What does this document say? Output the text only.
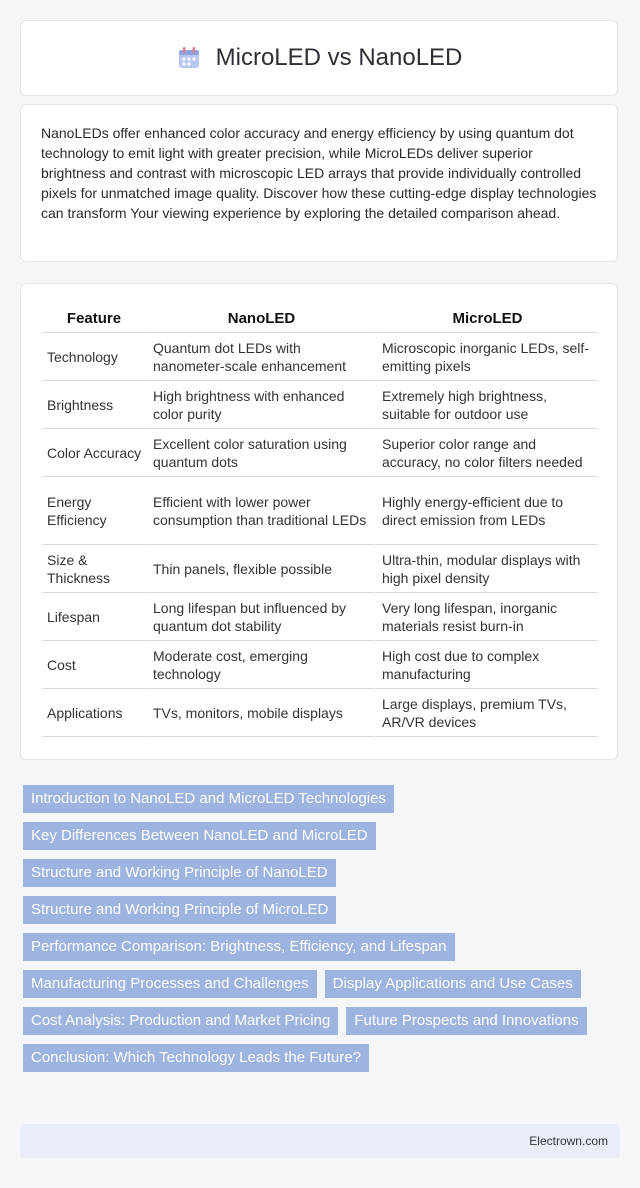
MicroLED vs NanoLED

NanoLEDs offer enhanced color accuracy and energy efficiency by using quantum dot technology to emit light with greater precision, while MicroLEDs deliver superior brightness and contrast with microscopic LED arrays that provide individually controlled pixels for unmatched image quality. Discover how these cutting-edge display technologies can transform Your viewing experience by exploring the detailed comparison ahead.

Feature	NanoLED	MicroLED
Technology	Quantum dot LEDs with nanometer-scale enhancement	Microscopic inorganic LEDs, self-emitting pixels
Brightness	High brightness with enhanced color purity	Extremely high brightness, suitable for outdoor use
Color Accuracy	Excellent color saturation using quantum dots	Superior color range and accuracy, no color filters needed
Energy Efficiency	Efficient with lower power consumption than traditional LEDs	Highly energy-efficient due to direct emission from LEDs
Size & Thickness	Thin panels, flexible possible	Ultra-thin, modular displays with high pixel density
Lifespan	Long lifespan but influenced by quantum dot stability	Very long lifespan, inorganic materials resist burn-in
Cost	Moderate cost, emerging technology	High cost due to complex manufacturing
Applications	TVs, monitors, mobile displays	Large displays, premium TVs, AR/VR devices
Introduction to NanoLED and MicroLED Technologies
Key Differences Between NanoLED and MicroLED
Structure and Working Principle of NanoLED
Structure and Working Principle of MicroLED
Performance Comparison: Brightness, Efficiency, and Lifespan
Manufacturing Processes and Challenges	Display Applications and Use Cases
Cost Analysis: Production and Market Pricing	Future Prospects and Innovations
Conclusion: Which Technology Leads the Future?
Electrown.com
